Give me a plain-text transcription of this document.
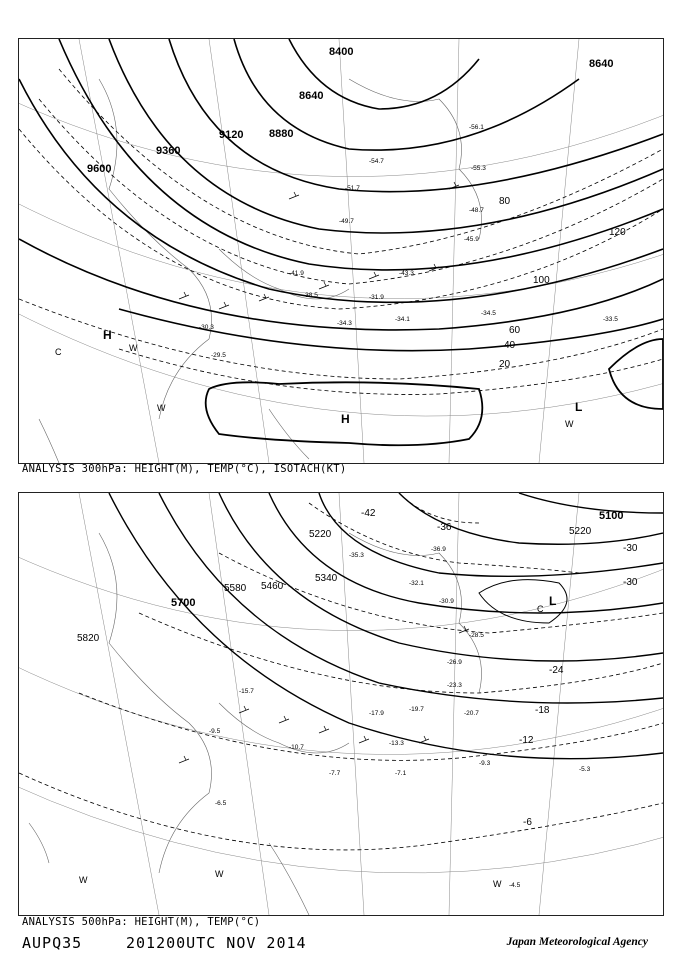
9600
9360
9120 8880
8640
8400
8640
20
40
60
80
100
120
H
H
L
W
W
W
C
-30.3
-31.9
-34.3
-34.1
-34.5
-33.5
-29.5
-38.5
-43.3
-41.9
-49.7
-51.7
-54.7
-56.1
-55.3
-45.9
-48.7
ANALYSIS 300hPa: HEIGHT(M), TEMP(°C), ISOTACH(KT)
5820
5700
5580 5460
5340
5220	5220
5100
-6
-12
-18
-24
-30
-36
-42
-30
L
C
W
W
W
-10.7
-13.3
-7.7	-7.1
-9.3
-5.3
-15.7
-17.9
-19.7
-20.7
-23.3
-26.9
-28.5
-30.9
-32.1
-35.3
-36.9
-4.5
-6.5
-9.5
ANALYSIS 500hPa: HEIGHT(M), TEMP(°C)
AUPQ35	201200UTC NOV 2014	Japan Meteorological Agency
